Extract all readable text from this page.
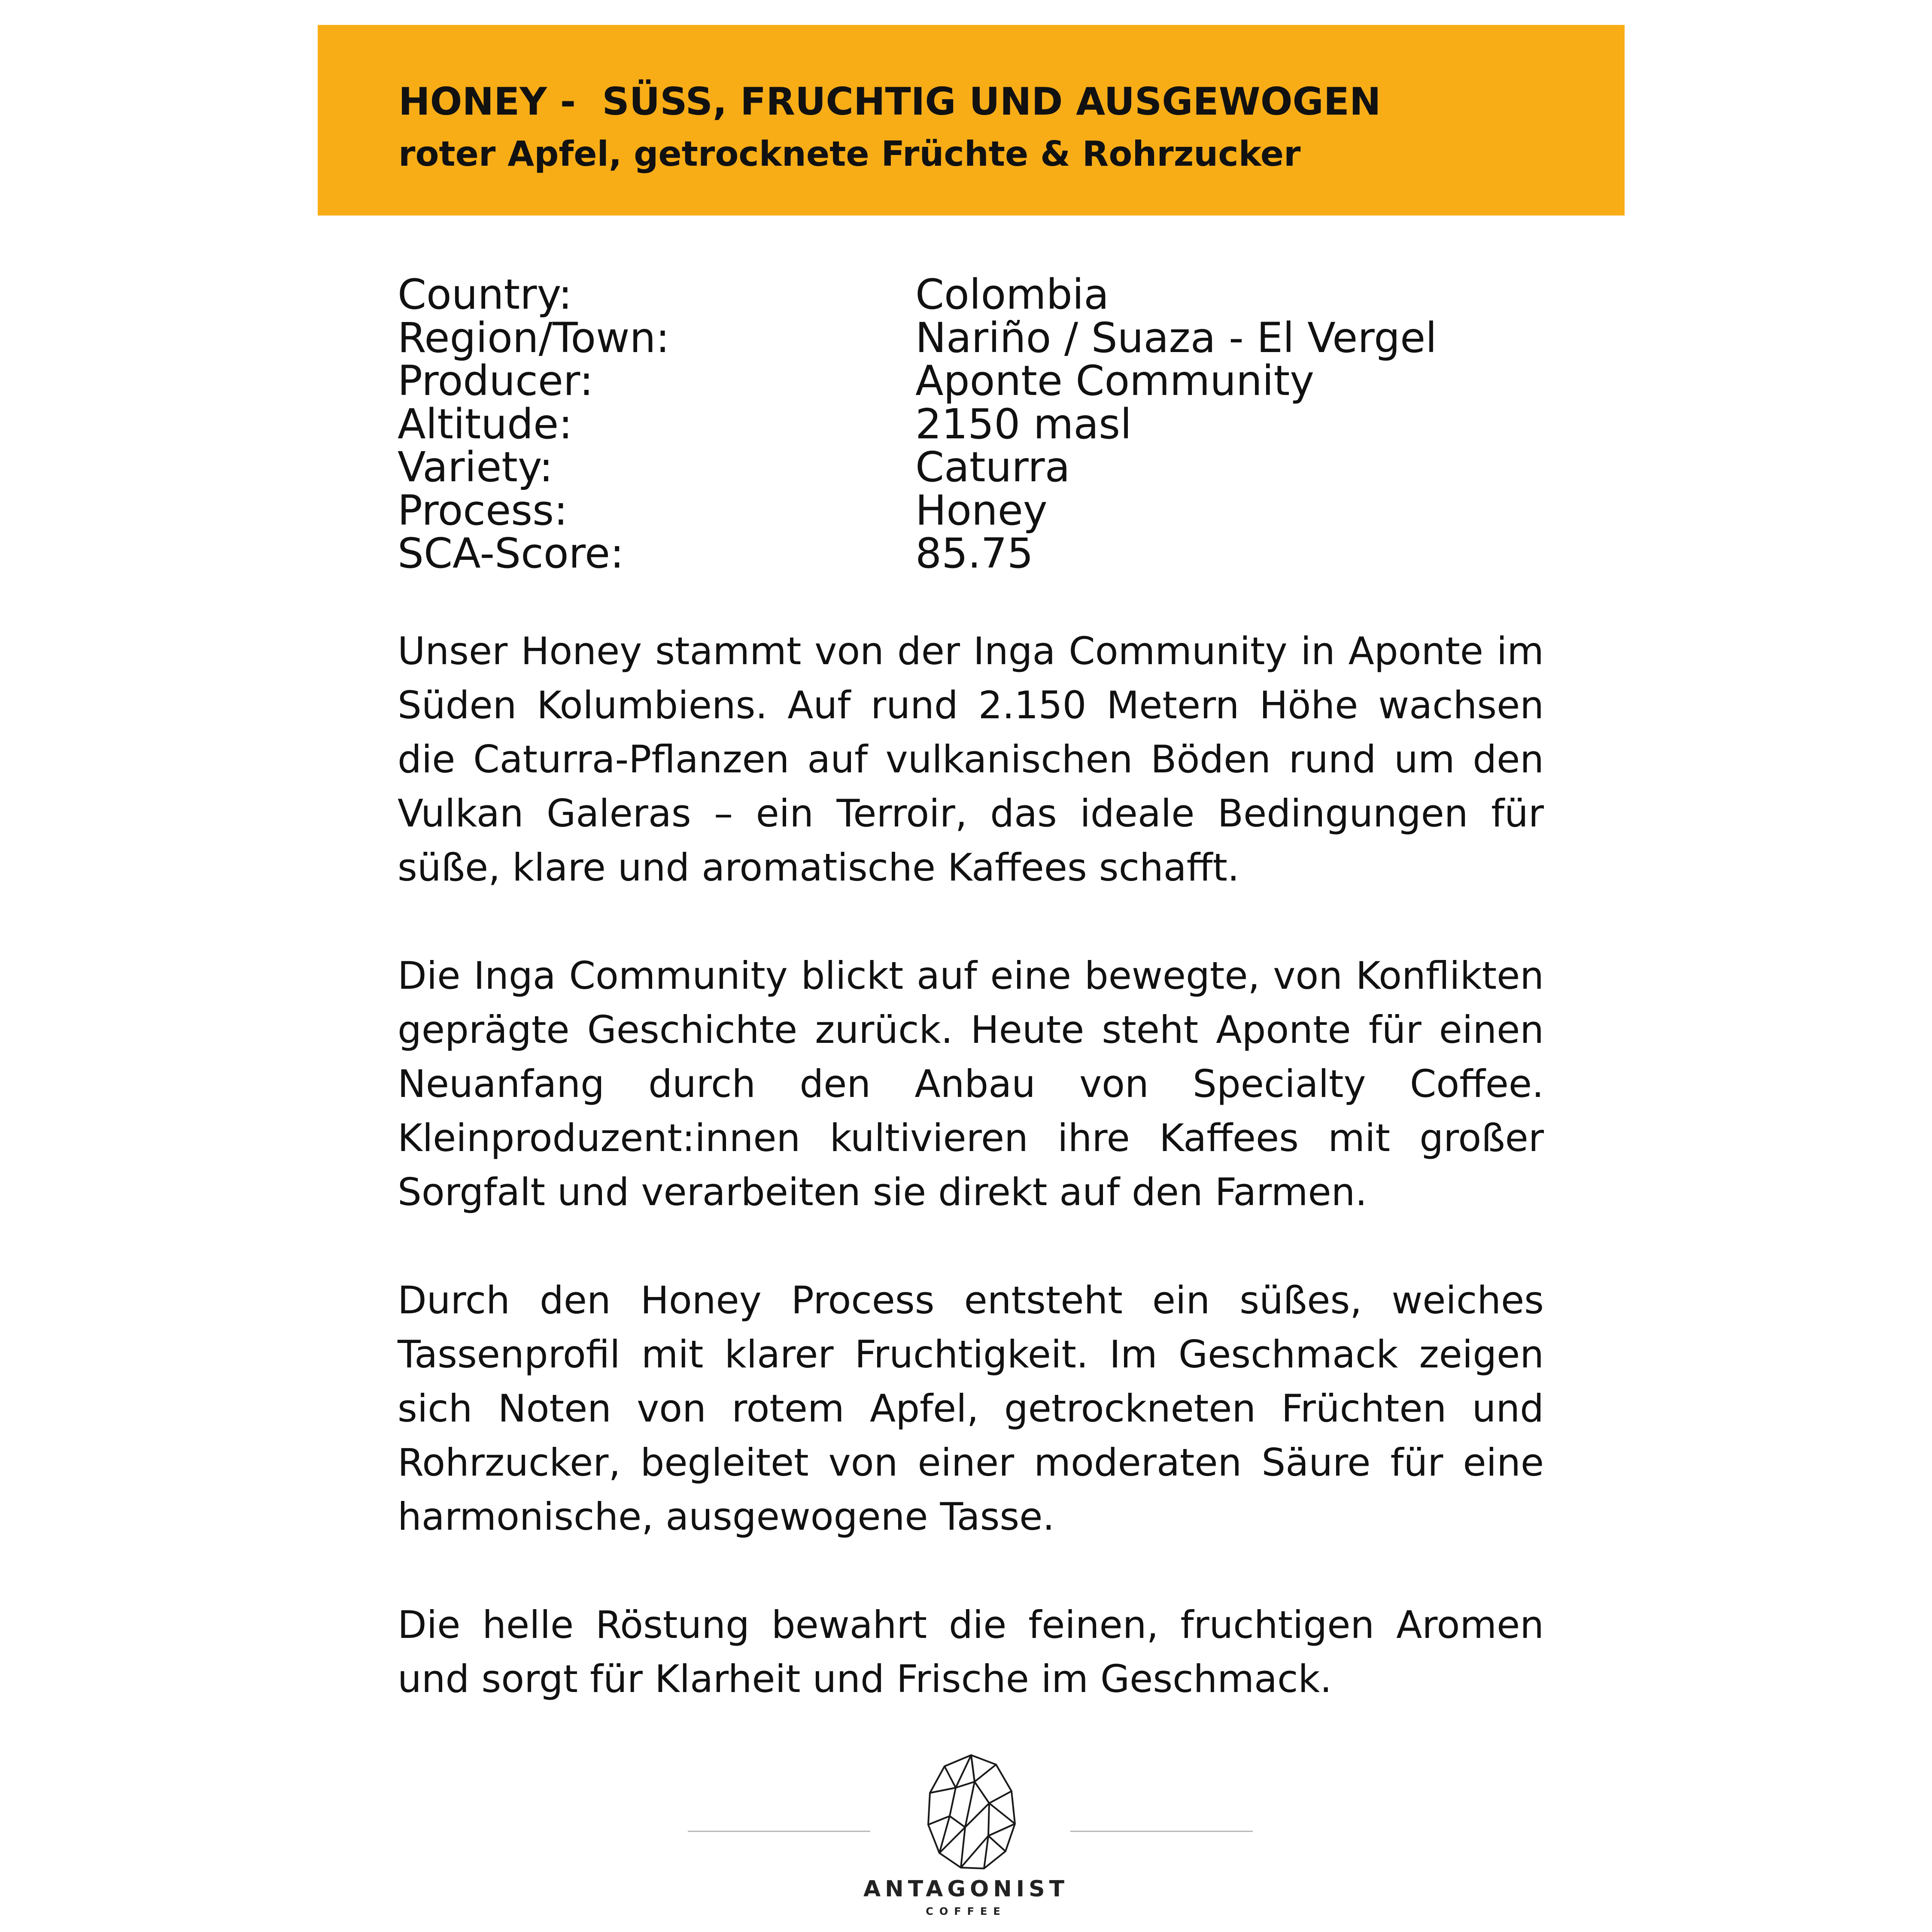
HONEY -  SÜSS, FRUCHTIG UND AUSGEWOGEN
roter Apfel, getrocknete Früchte & Rohrzucker
Country:	Colombia
Region/Town:	Nariño / Suaza - El Vergel
Producer:	Aponte Community
Altitude:	2150 masl
Variety:	Caturra
Process:	Honey
SCA-Score:	85.75

Unser Honey stammt von der Inga Community in Aponte im Süden Kolumbiens. Auf rund 2.150 Metern Höhe wachsen die Caturra-Pflanzen auf vulkanischen Böden rund um den Vulkan Galeras – ein Terroir, das ideale Bedingungen für süße, klare und aromatische Kaffees schafft.

Die Inga Community blickt auf eine bewegte, von Konflikten geprägte Geschichte zurück. Heute steht Aponte für einen Neuanfang durch den Anbau von Specialty Coffee. Kleinproduzent:innen kultivieren ihre Kaffees mit großer Sorgfalt und verarbeiten sie direkt auf den Farmen.

Durch den Honey Process entsteht ein süßes, weiches Tassenprofil mit klarer Fruchtigkeit. Im Geschmack zeigen sich Noten von rotem Apfel, getrockneten Früchten und Rohrzucker, begleitet von einer moderaten Säure für eine harmonische, ausgewogene Tasse.

Die helle Röstung bewahrt die feinen, fruchtigen Aromen und sorgt für Klarheit und Frische im Geschmack.

ANTAGONIST
COFFEE
